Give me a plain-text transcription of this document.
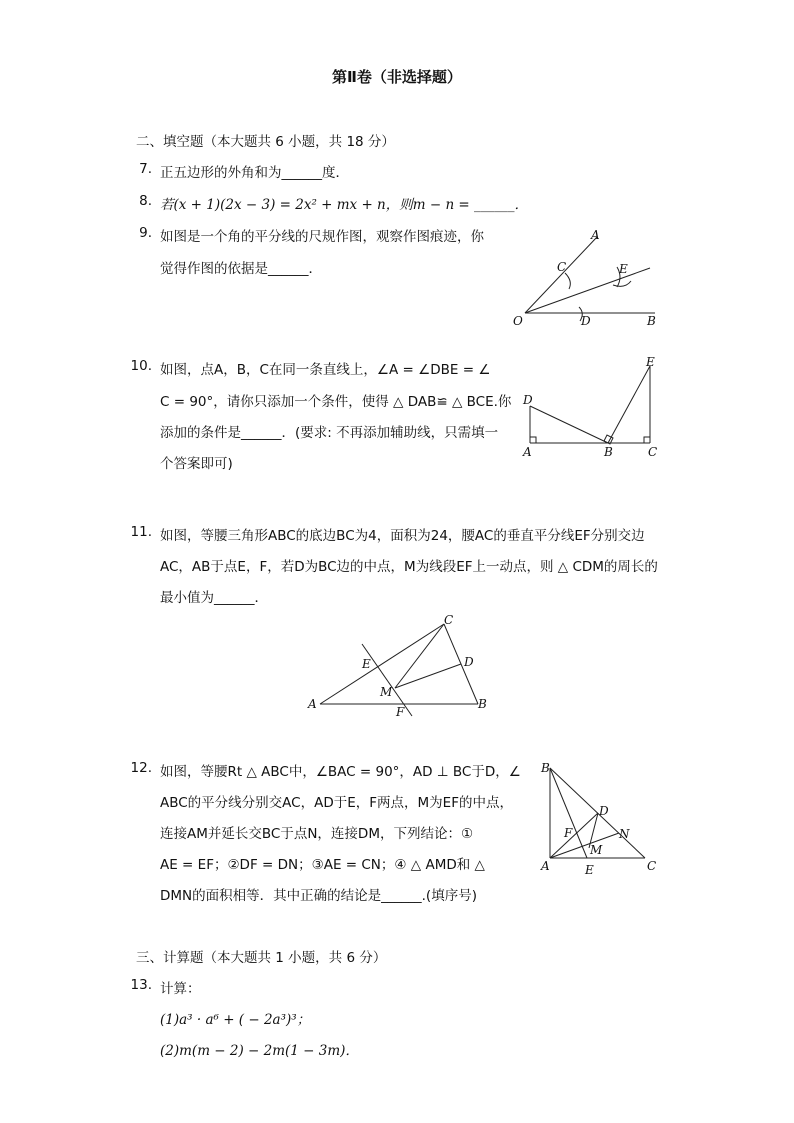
第Ⅱ卷（非选择题）
二、填空题（本大题共 6 小题，共 18 分）
7. 正五边形的外角和为______度．
8. 若(x + 1)(2x − 3) = 2x² + mx + n，则m − n = ______．
9. 如图是一个角的平分线的尺规作图，观察作图痕迹，你
觉得作图的依据是______．
A
C	E
O	D	B
10. 如图，点A，B，C在同一条直线上，∠A = ∠DBE = ∠
C = 90°，请你只添加一个条件，使得 △ DAB≌ △ BCE.你
添加的条件是______．(要求: 不再添加辅助线，只需填一
个答案即可)
D
A	B	C
E
11. 如图，等腰三角形ABC的底边BC为4，面积为24，腰AC的垂直平分线EF分别交边
AC，AB于点E，F，若D为BC边的中点，M为线段EF上一动点，则 △ CDM的周长的
最小值为______．
C
E	D
M
A
F
B
12. 如图，等腰Rt △ ABC中，∠BAC = 90°，AD ⊥ BC于D，∠
ABC的平分线分别交AC，AD于E，F两点，M为EF的中点，
连接AM并延长交BC于点N，连接DM，下列结论：①
AE = EF；②DF = DN；③AE = CN；④ △ AMD和 △
DMN的面积相等．其中正确的结论是______.(填序号)
B
D
F	N
M
A	E	C
三、计算题（本大题共 1 小题，共 6 分）
13. 计算：
(1)a³ · a⁶ + ( − 2a³)³；
(2)m(m − 2) − 2m(1 − 3m)．
